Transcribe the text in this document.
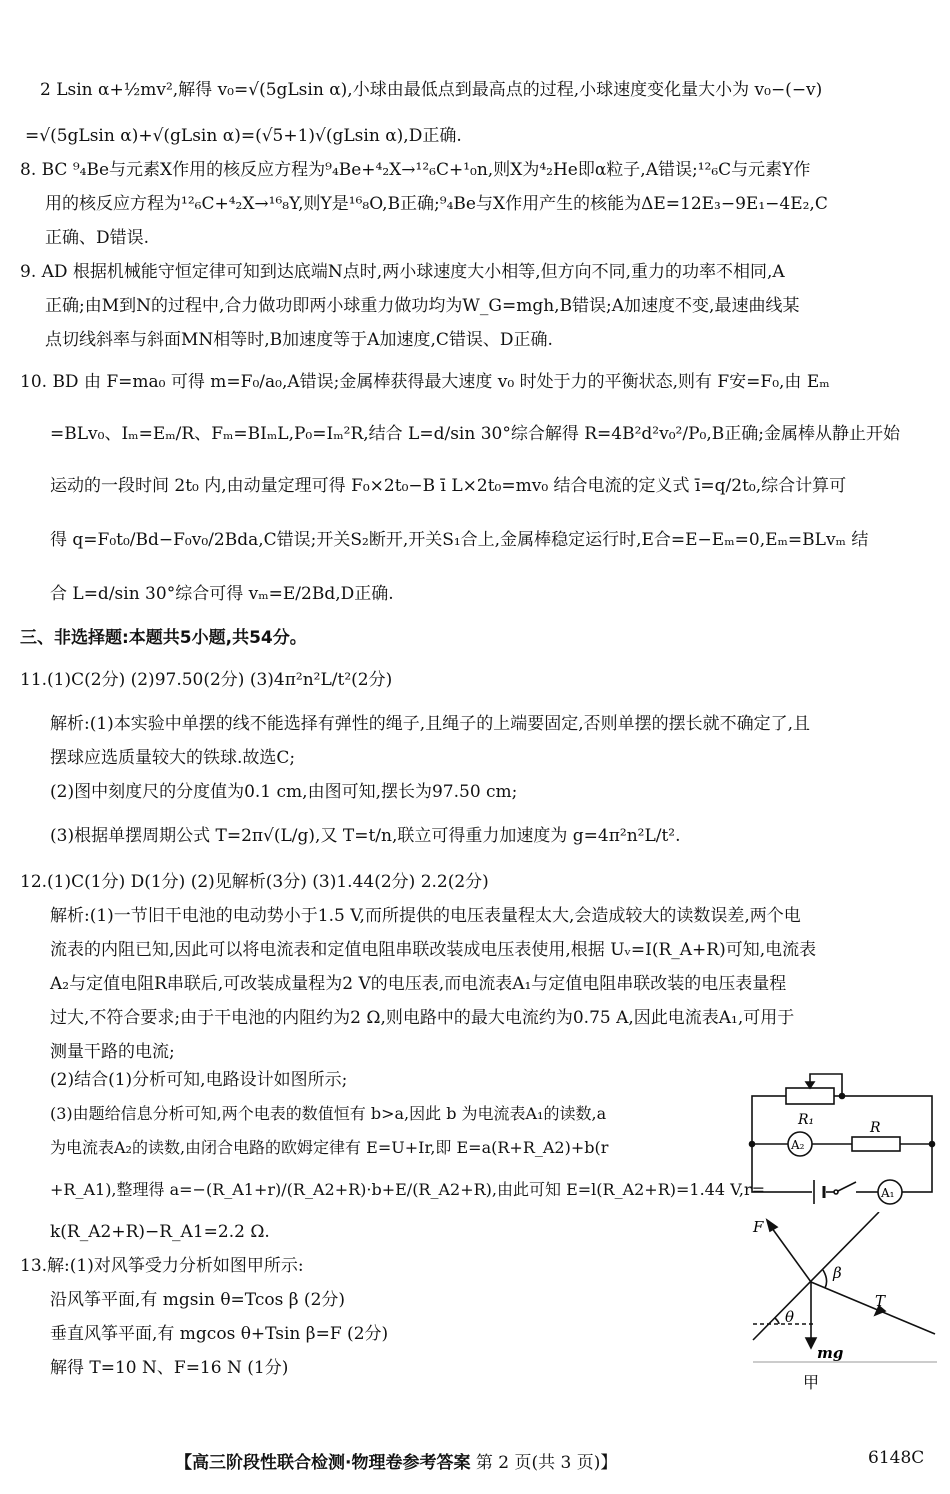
2 Lsin α+½mv²,解得 v₀=√(5gLsin α),小球由最低点到最高点的过程,小球速度变化量大小为 v₀−(−v)
=√(5gLsin α)+√(gLsin α)=(√5+1)√(gLsin α),D正确.
8. BC ⁹₄Be与元素X作用的核反应方程为⁹₄Be+⁴₂X→¹²₆C+¹₀n,则X为⁴₂He即α粒子,A错误;¹²₆C与元素Y作
用的核反应方程为¹²₆C+⁴₂X→¹⁶₈Y,则Y是¹⁶₈O,B正确;⁹₄Be与X作用产生的核能为ΔE=12E₃−9E₁−4E₂,C
正确、D错误.
9. AD 根据机械能守恒定律可知到达底端N点时,两小球速度大小相等,但方向不同,重力的功率不相同,A
正确;由M到N的过程中,合力做功即两小球重力做功均为W_G=mgh,B错误;A加速度不变,最速曲线某
点切线斜率与斜面MN相等时,B加速度等于A加速度,C错误、D正确.
10. BD 由 F=ma₀ 可得 m=F₀/a₀,A错误;金属棒获得最大速度 v₀ 时处于力的平衡状态,则有 F安=F₀,由 Eₘ
=BLv₀、Iₘ=Eₘ/R、Fₘ=BIₘL,P₀=Iₘ²R,结合 L=d/sin 30°综合解得 R=4B²d²v₀²/P₀,B正确;金属棒从静止开始
运动的一段时间 2t₀ 内,由动量定理可得 F₀×2t₀−B ī L×2t₀=mv₀ 结合电流的定义式 ī=q/2t₀,综合计算可
得 q=F₀t₀/Bd−F₀v₀/2Bda,C错误;开关S₂断开,开关S₁合上,金属棒稳定运行时,E合=E−Eₘ=0,Eₘ=BLvₘ 结
合 L=d/sin 30°综合可得 vₘ=E/2Bd,D正确.
三、非选择题:本题共5小题,共54分。
11.(1)C(2分) (2)97.50(2分) (3)4π²n²L/t²(2分)
解析:(1)本实验中单摆的线不能选择有弹性的绳子,且绳子的上端要固定,否则单摆的摆长就不确定了,且
摆球应选质量较大的铁球.故选C;
(2)图中刻度尺的分度值为0.1 cm,由图可知,摆长为97.50 cm;
(3)根据单摆周期公式 T=2π√(L/g),又 T=t/n,联立可得重力加速度为 g=4π²n²L/t².
12.(1)C(1分) D(1分) (2)见解析(3分) (3)1.44(2分) 2.2(2分)
解析:(1)一节旧干电池的电动势小于1.5 V,而所提供的电压表量程太大,会造成较大的读数误差,两个电
流表的内阻已知,因此可以将电流表和定值电阻串联改装成电压表使用,根据 Uᵥ=I(R_A+R)可知,电流表
A₂与定值电阻R串联后,可改装成量程为2 V的电压表,而电流表A₁与定值电阻串联改装的电压表量程
过大,不符合要求;由于干电池的内阻约为2 Ω,则电路中的最大电流约为0.75 A,因此电流表A₁,可用于
测量干路的电流;
(2)结合(1)分析可知,电路设计如图所示;
(3)由题给信息分析可知,两个电表的数值恒有 b>a,因此 b 为电流表A₁的读数,a
为电流表A₂的读数,由闭合电路的欧姆定律有 E=U+Ir,即 E=a(R+R_A2)+b(r
+R_A1),整理得 a=−(R_A1+r)/(R_A2+R)·b+E/(R_A2+R),由此可知 E=l(R_A2+R)=1.44 V,r=
k(R_A2+R)−R_A1=2.2 Ω.
13.解:(1)对风筝受力分析如图甲所示:
沿风筝平面,有 mgsin θ=Tcos β (2分)
垂直风筝平面,有 mgcos θ+Tsin β=F (2分)
解得 T=10 N、F=16 N (1分)
R₁
A₂
R
A₁
F
β
T
θ
mg
甲
【高三阶段性联合检测·物理卷参考答案 第 2 页(共 3 页)】	6148C
